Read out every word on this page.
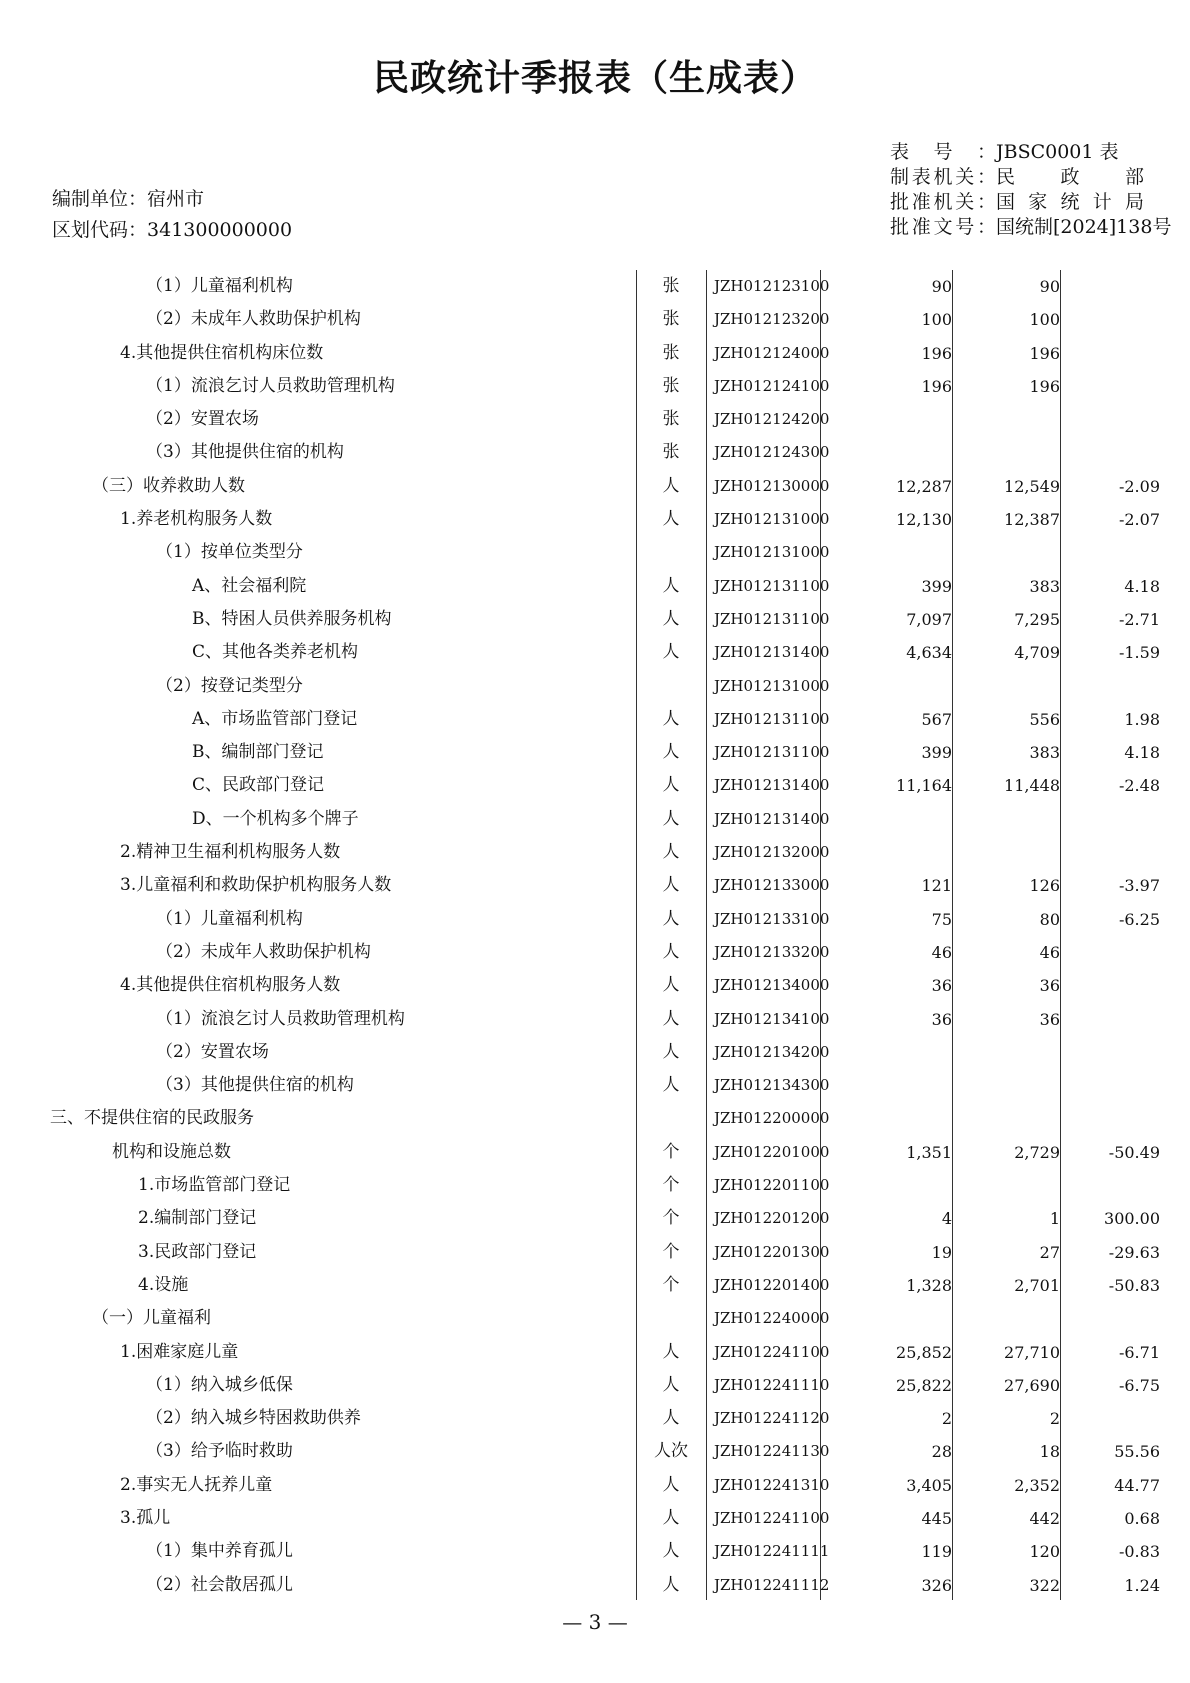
民政统计季报表（生成表）
编制单位：宿州市
区划代码：341300000000
表号： JBSC0001 表
制表机关： 民政部
批准机关： 国家统计局
批准文号： 国统制[2024]138号
（1）儿童福利机构	张	JZH012123100	90	90
（2）未成年人救助保护机构	张	JZH012123200	100	100
4.其他提供住宿机构床位数	张	JZH012124000	196	196
（1）流浪乞讨人员救助管理机构	张	JZH012124100	196	196
（2）安置农场	张	JZH012124200
（3）其他提供住宿的机构	张	JZH012124300
（三）收养救助人数	人	JZH012130000	12,287	12,549	-2.09
1.养老机构服务人数	人	JZH012131000	12,130	12,387	-2.07
（1）按单位类型分	JZH012131000
A、社会福利院	人	JZH012131100	399	383	4.18
B、特困人员供养服务机构	人	JZH012131100	7,097	7,295	-2.71
C、其他各类养老机构	人	JZH012131400	4,634	4,709	-1.59
（2）按登记类型分	JZH012131000
A、市场监管部门登记	人	JZH012131100	567	556	1.98
B、编制部门登记	人	JZH012131100	399	383	4.18
C、民政部门登记	人	JZH012131400	11,164	11,448	-2.48
D、一个机构多个牌子	人	JZH012131400
2.精神卫生福利机构服务人数	人	JZH012132000
3.儿童福利和救助保护机构服务人数	人	JZH012133000	121	126	-3.97
（1）儿童福利机构	人	JZH012133100	75	80	-6.25
（2）未成年人救助保护机构	人	JZH012133200	46	46
4.其他提供住宿机构服务人数	人	JZH012134000	36	36
（1）流浪乞讨人员救助管理机构	人	JZH012134100	36	36
（2）安置农场	人	JZH012134200
（3）其他提供住宿的机构	人	JZH012134300
三、不提供住宿的民政服务	JZH012200000
机构和设施总数	个	JZH012201000	1,351	2,729	-50.49
1.市场监管部门登记	个	JZH012201100
2.编制部门登记	个	JZH012201200	4	1	300.00
3.民政部门登记	个	JZH012201300	19	27	-29.63
4.设施	个	JZH012201400	1,328	2,701	-50.83
（一）儿童福利	JZH012240000
1.困难家庭儿童	人	JZH012241100	25,852	27,710	-6.71
（1）纳入城乡低保	人	JZH012241110	25,822	27,690	-6.75
（2）纳入城乡特困救助供养	人	JZH012241120	2	2
（3）给予临时救助	人次	JZH012241130	28	18	55.56
2.事实无人抚养儿童	人	JZH012241310	3,405	2,352	44.77
3.孤儿	人	JZH012241100	445	442	0.68
（1）集中养育孤儿	人	JZH012241111	119	120	-0.83
（2）社会散居孤儿	人	JZH012241112	326	322	1.24
— 3 —
